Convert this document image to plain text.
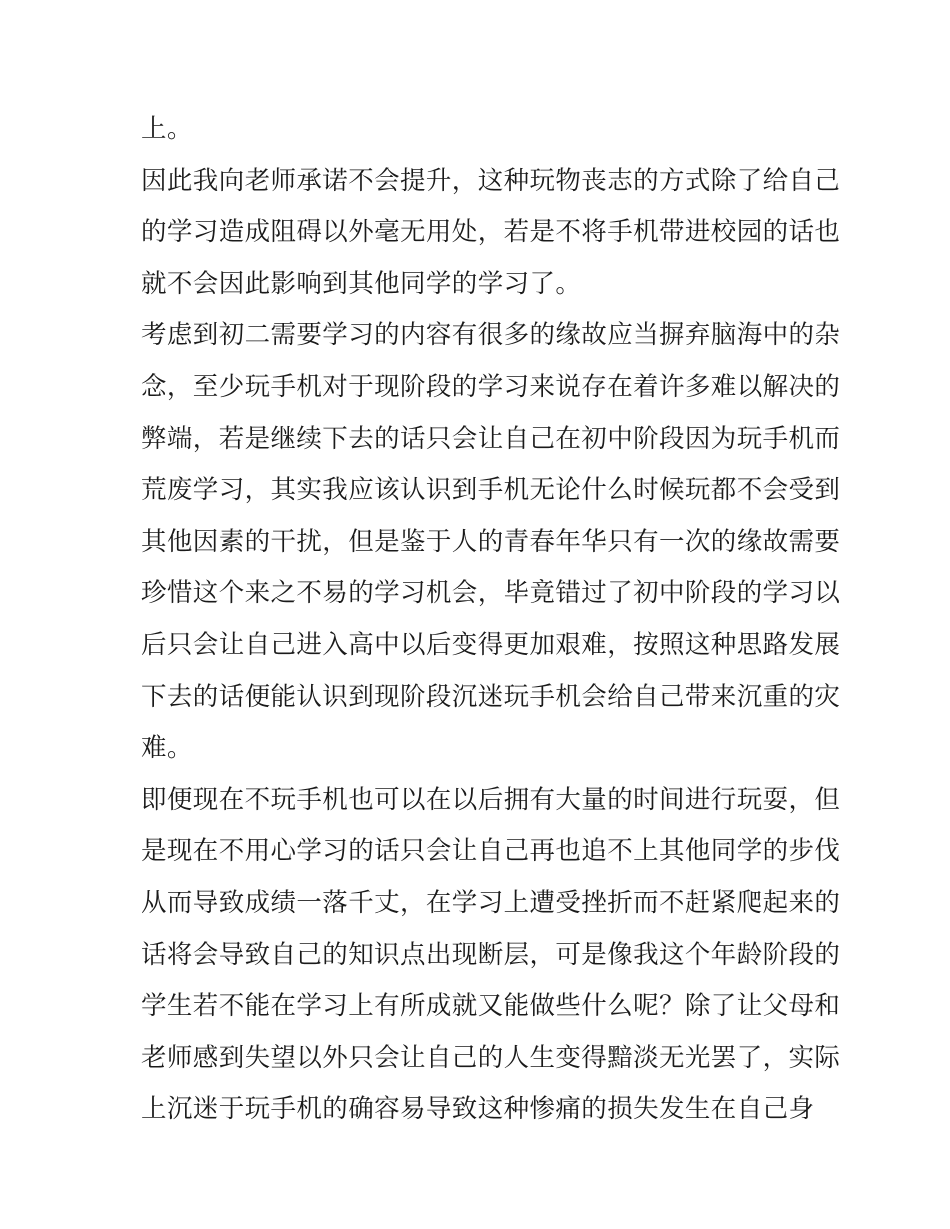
上。
因此我向老师承诺不会提升，这种玩物丧志的方式除了给自己
的学习造成阻碍以外毫无用处，若是不将手机带进校园的话也
就不会因此影响到其他同学的学习了。
考虑到初二需要学习的内容有很多的缘故应当摒弃脑海中的杂
念，至少玩手机对于现阶段的学习来说存在着许多难以解决的
弊端，若是继续下去的话只会让自己在初中阶段因为玩手机而
荒废学习，其实我应该认识到手机无论什么时候玩都不会受到
其他因素的干扰，但是鉴于人的青春年华只有一次的缘故需要
珍惜这个来之不易的学习机会，毕竟错过了初中阶段的学习以
后只会让自己进入高中以后变得更加艰难，按照这种思路发展
下去的话便能认识到现阶段沉迷玩手机会给自己带来沉重的灾
难。
即便现在不玩手机也可以在以后拥有大量的时间进行玩耍，但
是现在不用心学习的话只会让自己再也追不上其他同学的步伐
从而导致成绩一落千丈，在学习上遭受挫折而不赶紧爬起来的
话将会导致自己的知识点出现断层，可是像我这个年龄阶段的
学生若不能在学习上有所成就又能做些什么呢？除了让父母和
老师感到失望以外只会让自己的人生变得黯淡无光罢了，实际
上沉迷于玩手机的确容易导致这种惨痛的损失发生在自己身
